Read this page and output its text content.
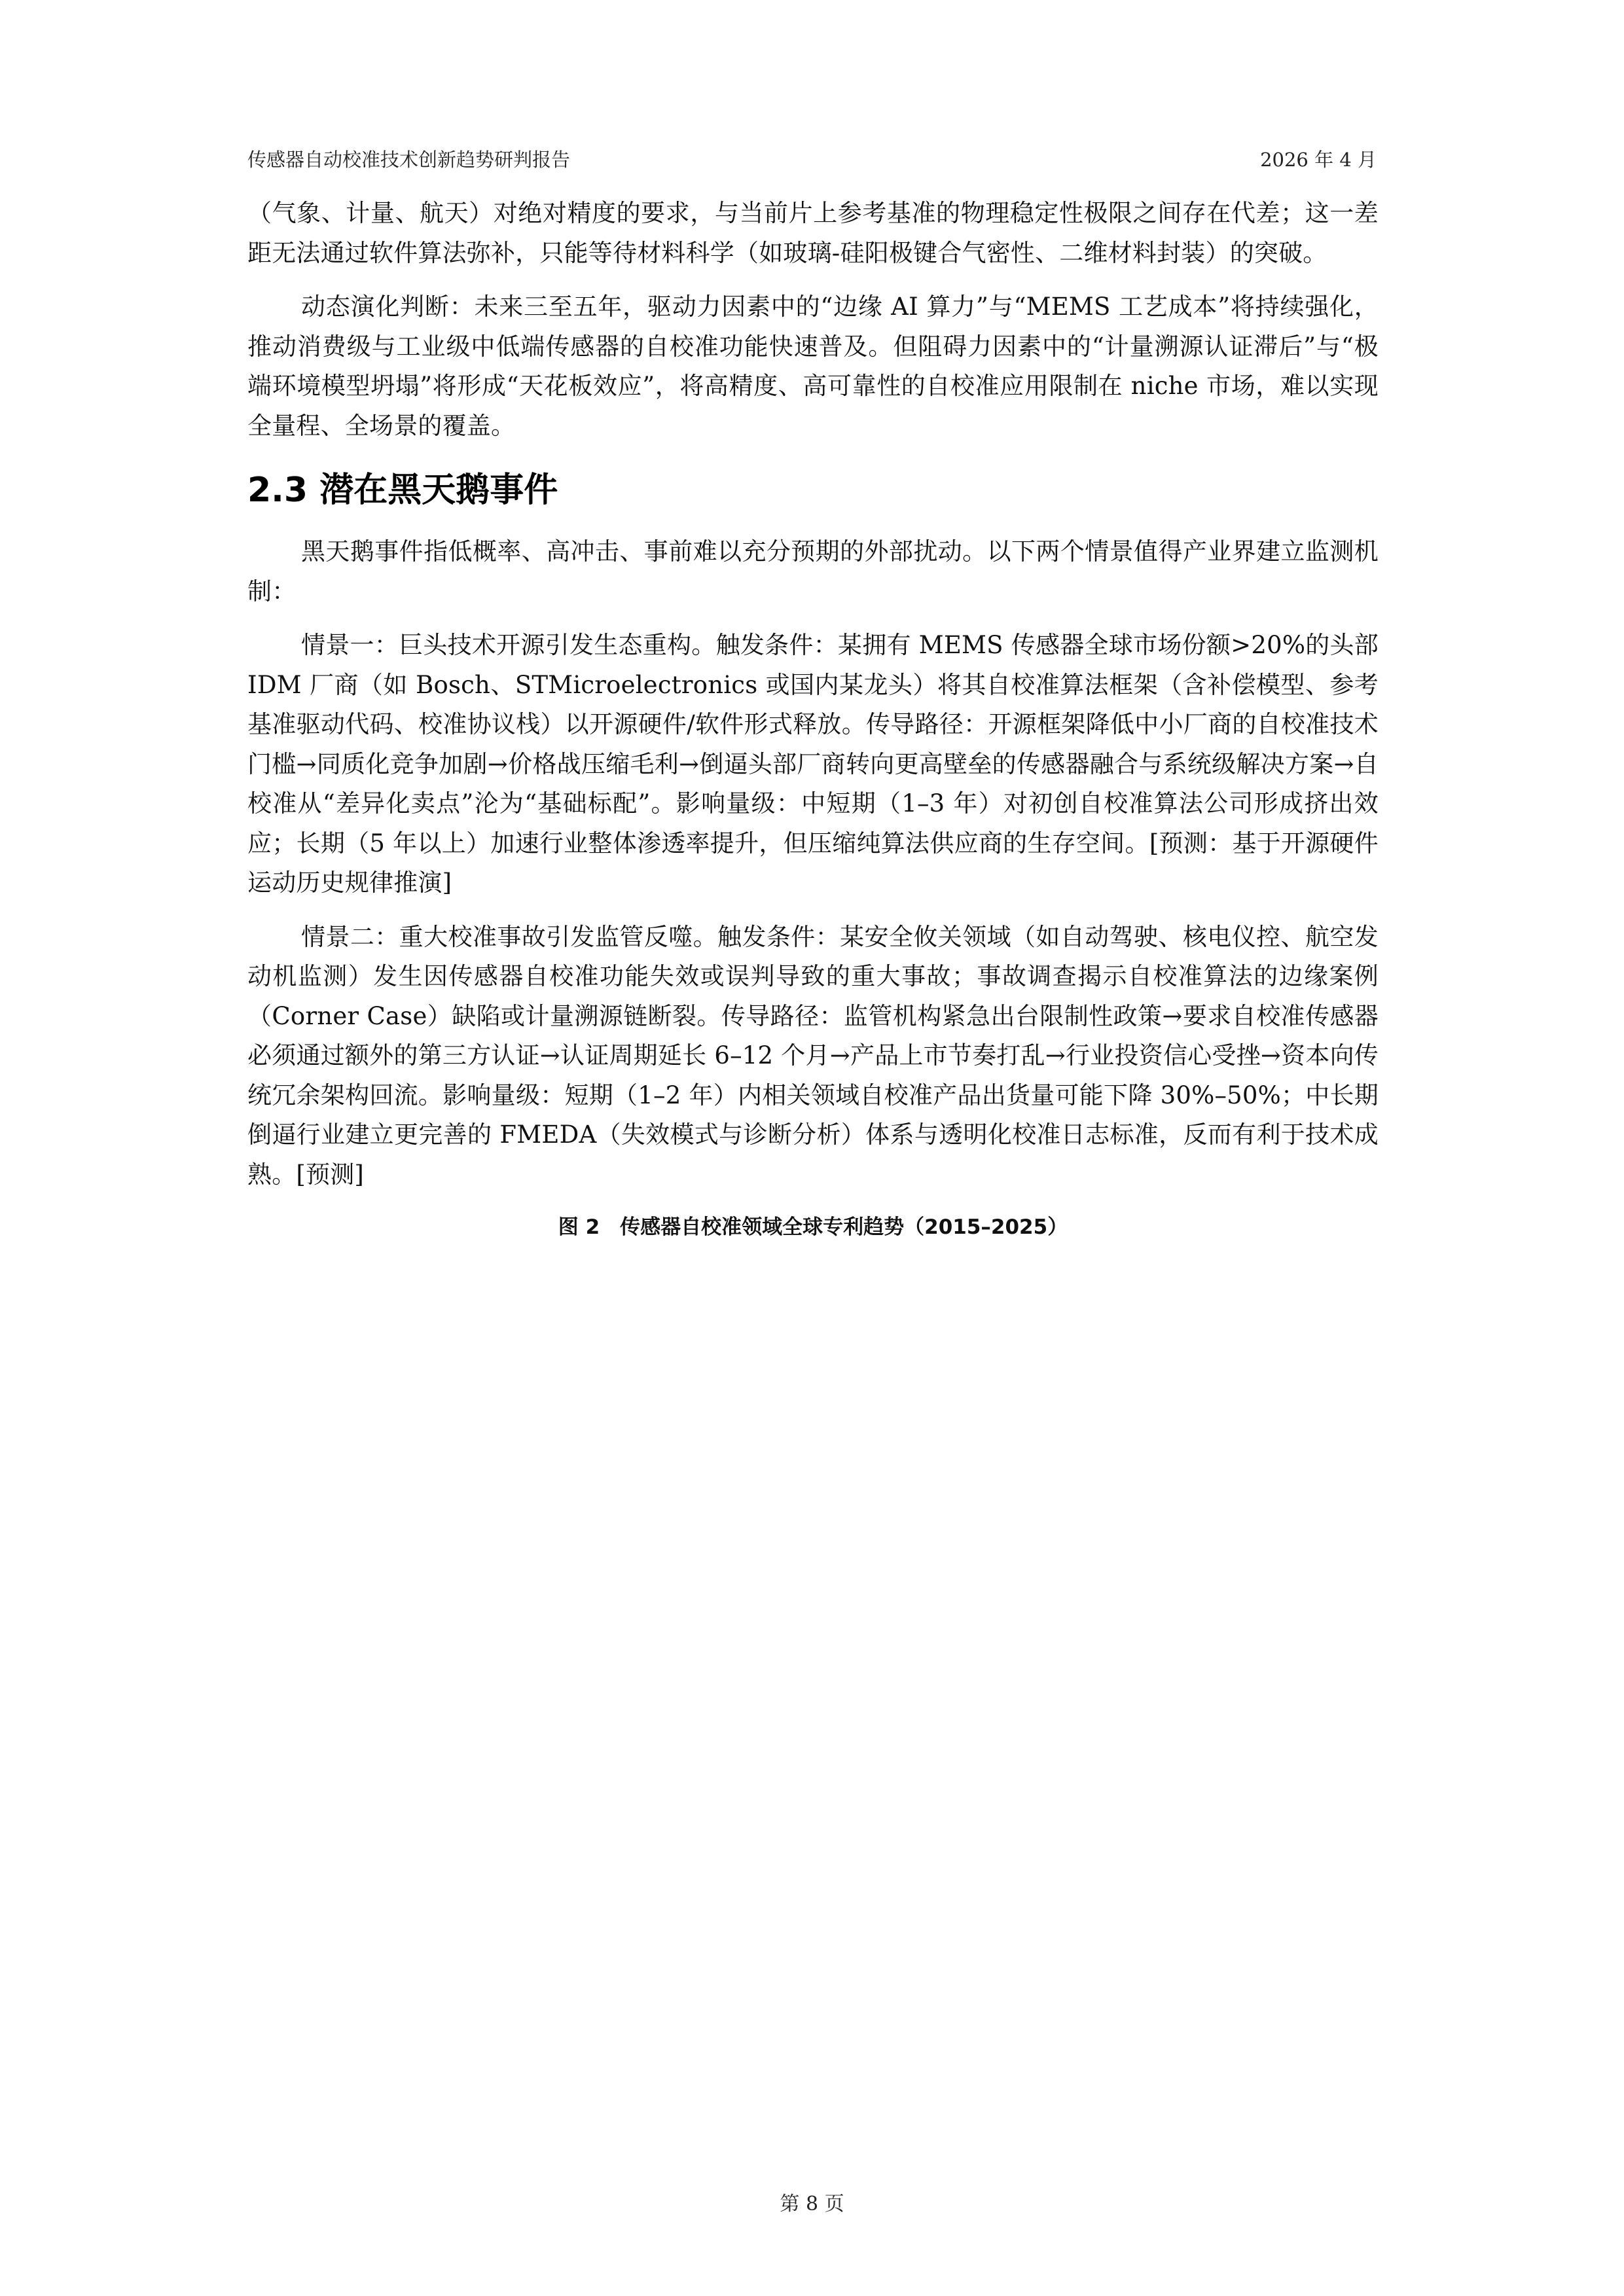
传感器自动校准技术创新趋势研判报告	2026 年 4 月

（气象、计量、航天）对绝对精度的要求，与当前片上参考基准的物理稳定性极限之间存在代差；这一差距无法通过软件算法弥补，只能等待材料科学（如玻璃-硅阳极键合气密性、二维材料封装）的突破。

动态演化判断：未来三至五年，驱动力因素中的“边缘 AI 算力”与“MEMS 工艺成本”将持续强化，推动消费级与工业级中低端传感器的自校准功能快速普及。但阻碍力因素中的“计量溯源认证滞后”与“极端环境模型坍塌”将形成“天花板效应”，将高精度、高可靠性的自校准应用限制在 niche 市场，难以实现全量程、全场景的覆盖。

2.3 潜在黑天鹅事件

黑天鹅事件指低概率、高冲击、事前难以充分预期的外部扰动。以下两个情景值得产业界建立监测机制：

情景一：巨头技术开源引发生态重构。触发条件：某拥有 MEMS 传感器全球市场份额>20%的头部 IDM 厂商（如 Bosch、STMicroelectronics 或国内某龙头）将其自校准算法框架（含补偿模型、参考基准驱动代码、校准协议栈）以开源硬件/软件形式释放。传导路径：开源框架降低中小厂商的自校准技术门槛→同质化竞争加剧→价格战压缩毛利→倒逼头部厂商转向更高壁垒的传感器融合与系统级解决方案→自校准从“差异化卖点”沦为“基础标配”。影响量级：中短期（1–3 年）对初创自校准算法公司形成挤出效应；长期（5 年以上）加速行业整体渗透率提升，但压缩纯算法供应商的生存空间。[预测：基于开源硬件运动历史规律推演]

情景二：重大校准事故引发监管反噬。触发条件：某安全攸关领域（如自动驾驶、核电仪控、航空发动机监测）发生因传感器自校准功能失效或误判导致的重大事故；事故调查揭示自校准算法的边缘案例（Corner Case）缺陷或计量溯源链断裂。传导路径：监管机构紧急出台限制性政策→要求自校准传感器必须通过额外的第三方认证→认证周期延长 6–12 个月→产品上市节奏打乱→行业投资信心受挫→资本向传统冗余架构回流。影响量级：短期（1–2 年）内相关领域自校准产品出货量可能下降 30%–50%；中长期倒逼行业建立更完善的 FMEDA（失效模式与诊断分析）体系与透明化校准日志标准，反而有利于技术成熟。[预测]

图 2　传感器自校准领域全球专利趋势（2015–2025）

第 8 页
